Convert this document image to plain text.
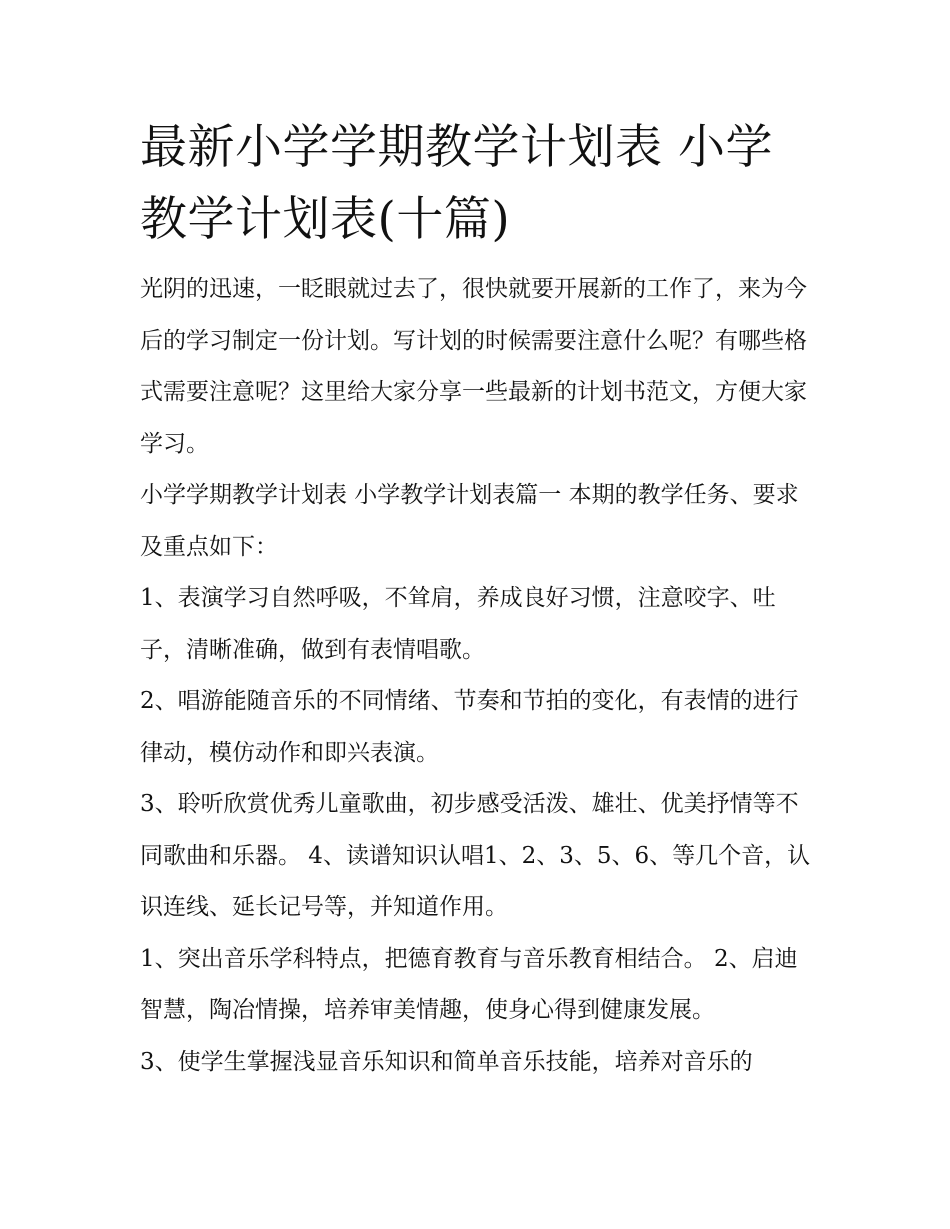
最新小学学期教学计划表 小学教学计划表(十篇)

光阴的迅速，一眨眼就过去了，很快就要开展新的工作了，来为今后的学习制定一份计划。写计划的时候需要注意什么呢？有哪些格式需要注意呢？这里给大家分享一些最新的计划书范文，方便大家学习。

小学学期教学计划表 小学教学计划表篇一 本期的教学任务、要求及重点如下：

1、表演学习自然呼吸，不耸肩，养成良好习惯，注意咬字、吐子，清晰准确，做到有表情唱歌。

2、唱游能随音乐的不同情绪、节奏和节拍的变化，有表情的进行律动，模仿动作和即兴表演。

3、聆听欣赏优秀儿童歌曲，初步感受活泼、雄壮、优美抒情等不同歌曲和乐器。 4、读谱知识认唱1、2、3、5、6、等几个音，认识连线、延长记号等，并知道作用。

1、突出音乐学科特点，把德育教育与音乐教育相结合。 2、启迪智慧，陶冶情操，培养审美情趣，使身心得到健康发展。

3、使学生掌握浅显音乐知识和简单音乐技能，培养对音乐的
